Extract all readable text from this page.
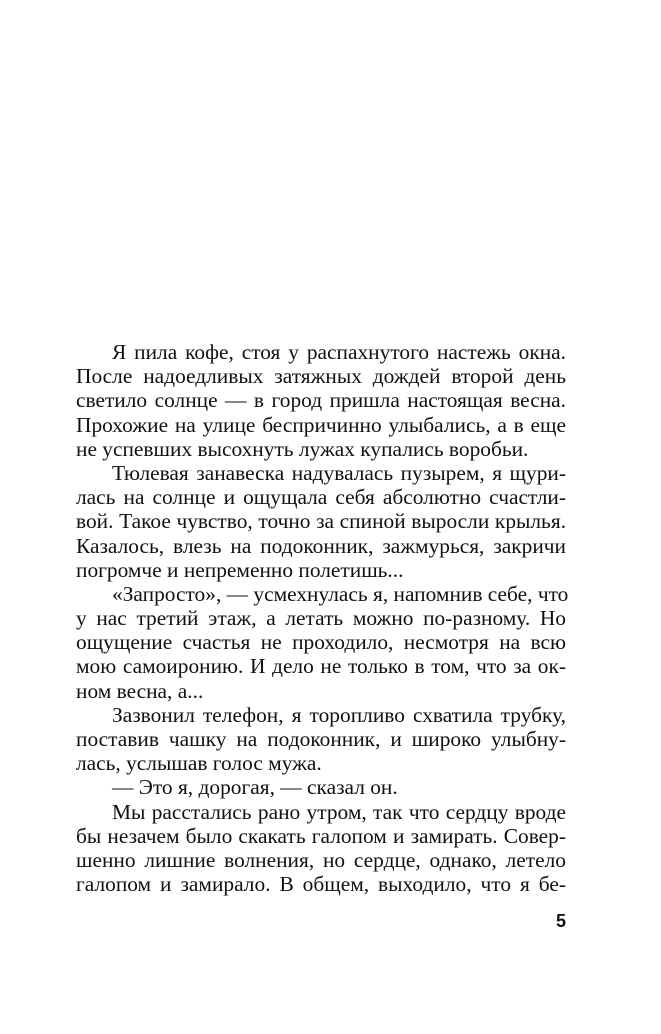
Я пила кофе, стоя у распахнутого настежь окна.
После надоедливых затяжных дождей второй день
светило солнце — в город пришла настоящая весна.
Прохожие на улице беспричинно улыбались, а в еще
не успевших высохнуть лужах купались воробьи.
Тюлевая занавеска надувалась пузырем, я щури-
лась на солнце и ощущала себя абсолютно счастли-
вой. Такое чувство, точно за спиной выросли крылья.
Казалось, влезь на подоконник, зажмурься, закричи
погромче и непременно полетишь...
«Запросто», — усмехнулась я, напомнив себе, что
у нас третий этаж, а летать можно по-разному. Но
ощущение счастья не проходило, несмотря на всю
мою самоиронию. И дело не только в том, что за ок-
ном весна, а...
Зазвонил телефон, я торопливо схватила трубку,
поставив чашку на подоконник, и широко улыбну-
лась, услышав голос мужа.
— Это я, дорогая, — сказал он.
Мы расстались рано утром, так что сердцу вроде
бы незачем было скакать галопом и замирать. Совер-
шенно лишние волнения, но сердце, однако, летело
галопом и замирало. В общем, выходило, что я бе-
5
